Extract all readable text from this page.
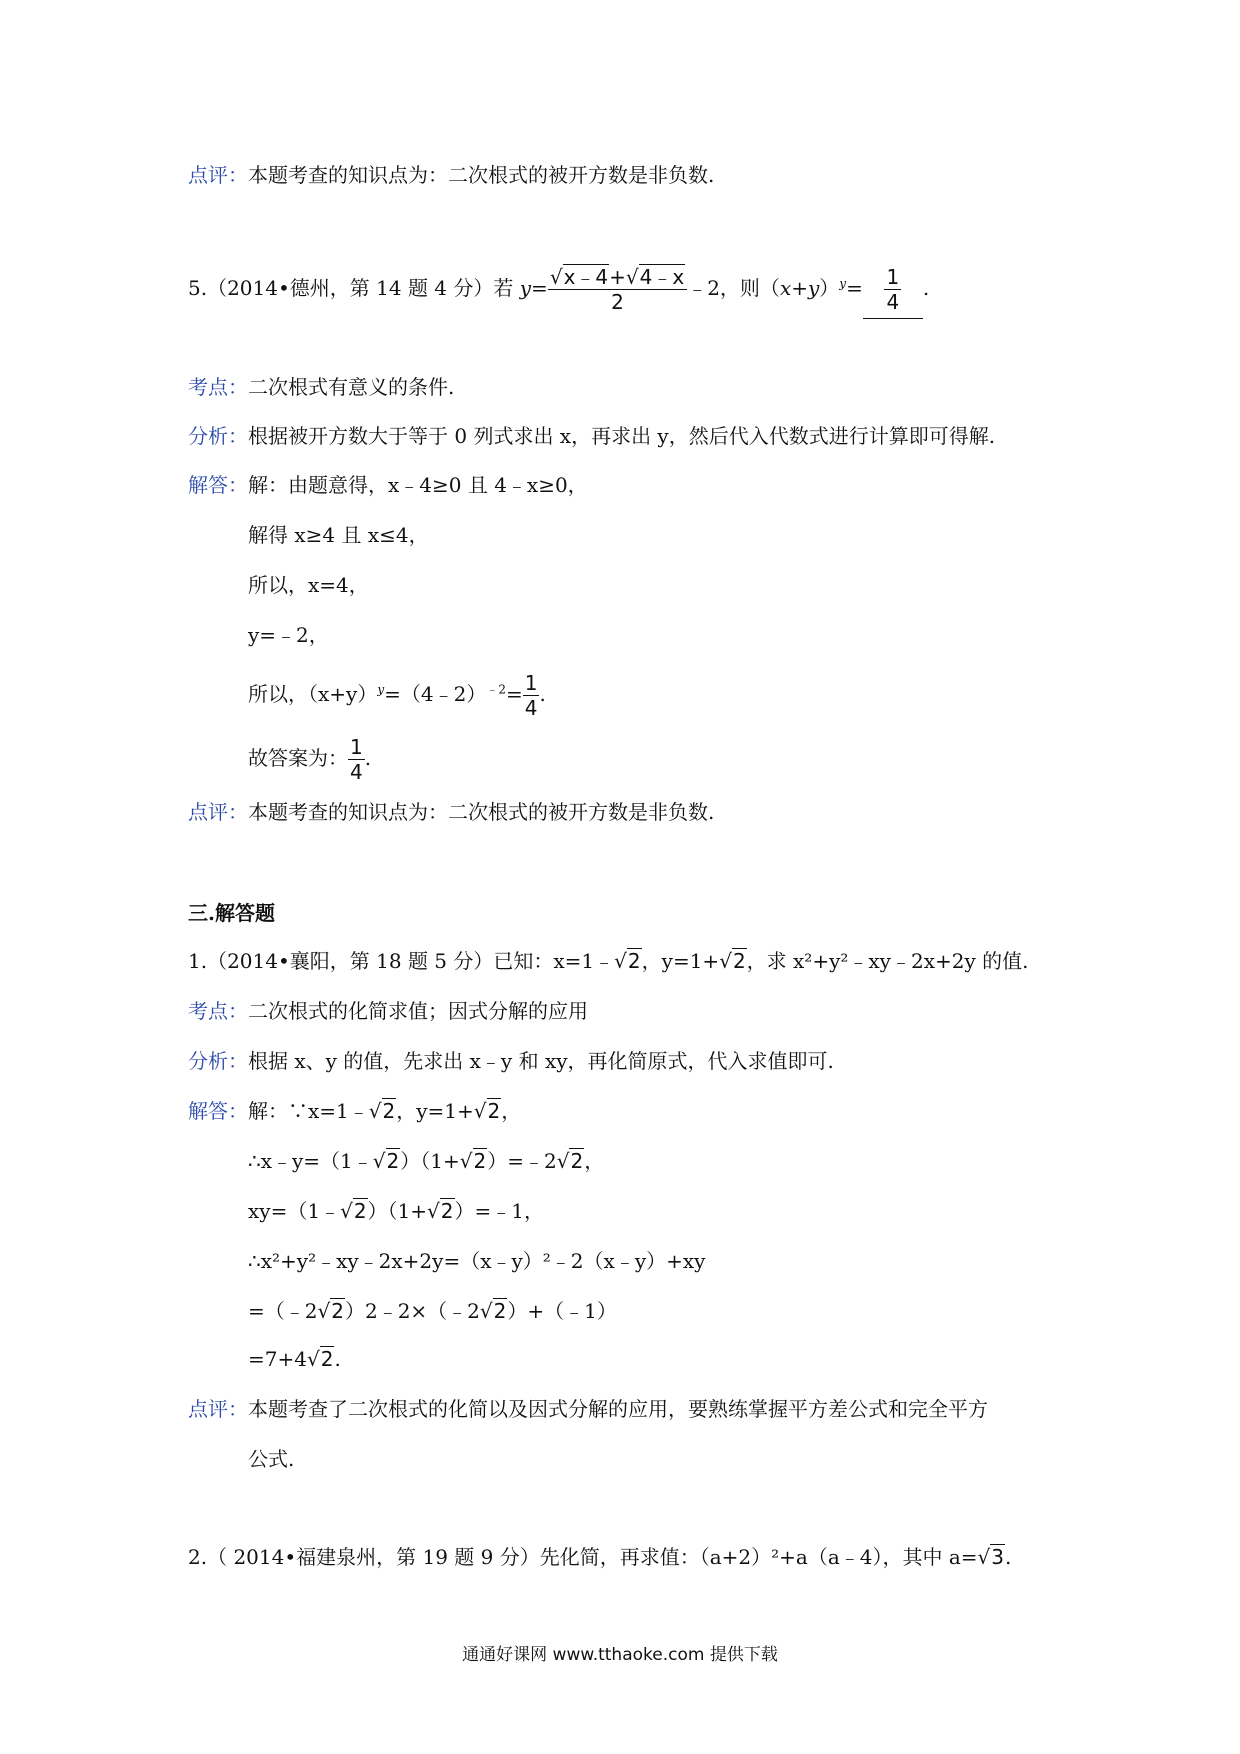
点评：本题考查的知识点为：二次根式的被开方数是非负数.
5.（2014•德州，第 14 题 4 分）若 $y= \frac{√x﹣4+√4﹣x}{2}$ ﹣2，则$(x+y)^y= \frac{1}{4}$ .
考点：二次根式有意义的条件.
分析：根据被开方数大于等于 0 列式求出 x，再求出 y，然后代入代数式进行计算即可得解.
解答：解：由题意得，x﹣4≥0 且 4﹣x≥0，
解得 x≥4 且 x≤4，
所以，x=4，
y=﹣2，
所以，$(x+y)^y=(4﹣2)^{﹣2}= \frac{1}{4}$ .
故答案为： $\frac{1}{4}$ .
点评：本题考查的知识点为：二次根式的被开方数是非负数.
三.解答题
1.（2014•襄阳，第 18 题 5 分）已知：x=1﹣√2，y=1+√2，求 x²+y²﹣xy﹣2x+2y 的值.
考点：二次根式的化简求值；因式分解的应用
分析：根据 x、y 的值，先求出 x﹣y 和 xy，再化简原式，代入求值即可.
解答：解：∵x=1﹣√2，y=1+√2，
∴x﹣y=（1﹣√2）（1+√2）=﹣2√2，
xy=（1﹣√2）（1+√2）=﹣1，
∴x²+y²﹣xy﹣2x+2y=（x﹣y）²﹣2（x﹣y）+xy
=（﹣2√2）2﹣2×（﹣2√2）+（﹣1）
=7+4√2.
点评：本题考查了二次根式的化简以及因式分解的应用，要熟练掌握平方差公式和完全平方
公式.
2.（ 2014•福建泉州，第 19 题 9 分）先化简，再求值：（a+2）²+a（a﹣4），其中 a=√3.
通通好课网 www.tthaoke.com 提供下载
